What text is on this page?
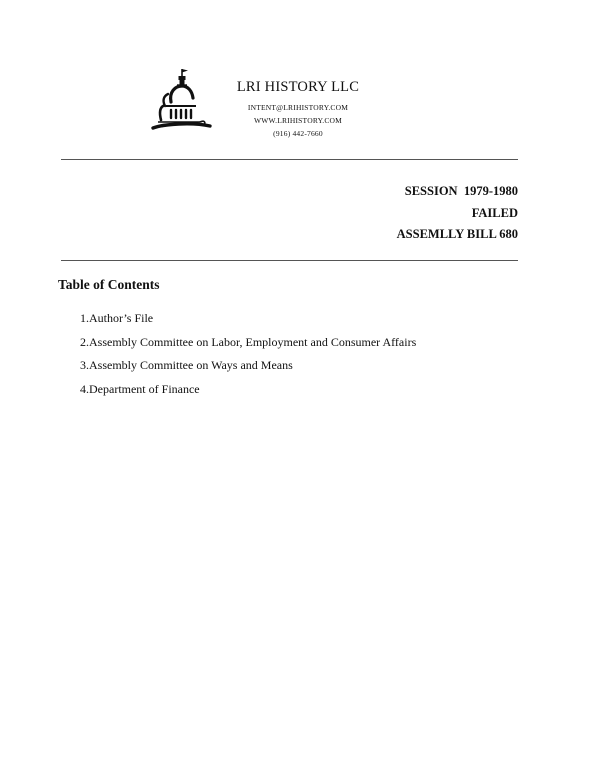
LRI HISTORY LLC
INTENT@LRIHISTORY.COM
WWW.LRIHISTORY.COM
(916) 442-7660
SESSION  1979-1980
FAILED
ASSEMLLY BILL 680
Table of Contents
1. Author’s File
2. Assembly Committee on Labor, Employment and Consumer Affairs
3. Assembly Committee on Ways and Means
4. Department of Finance
